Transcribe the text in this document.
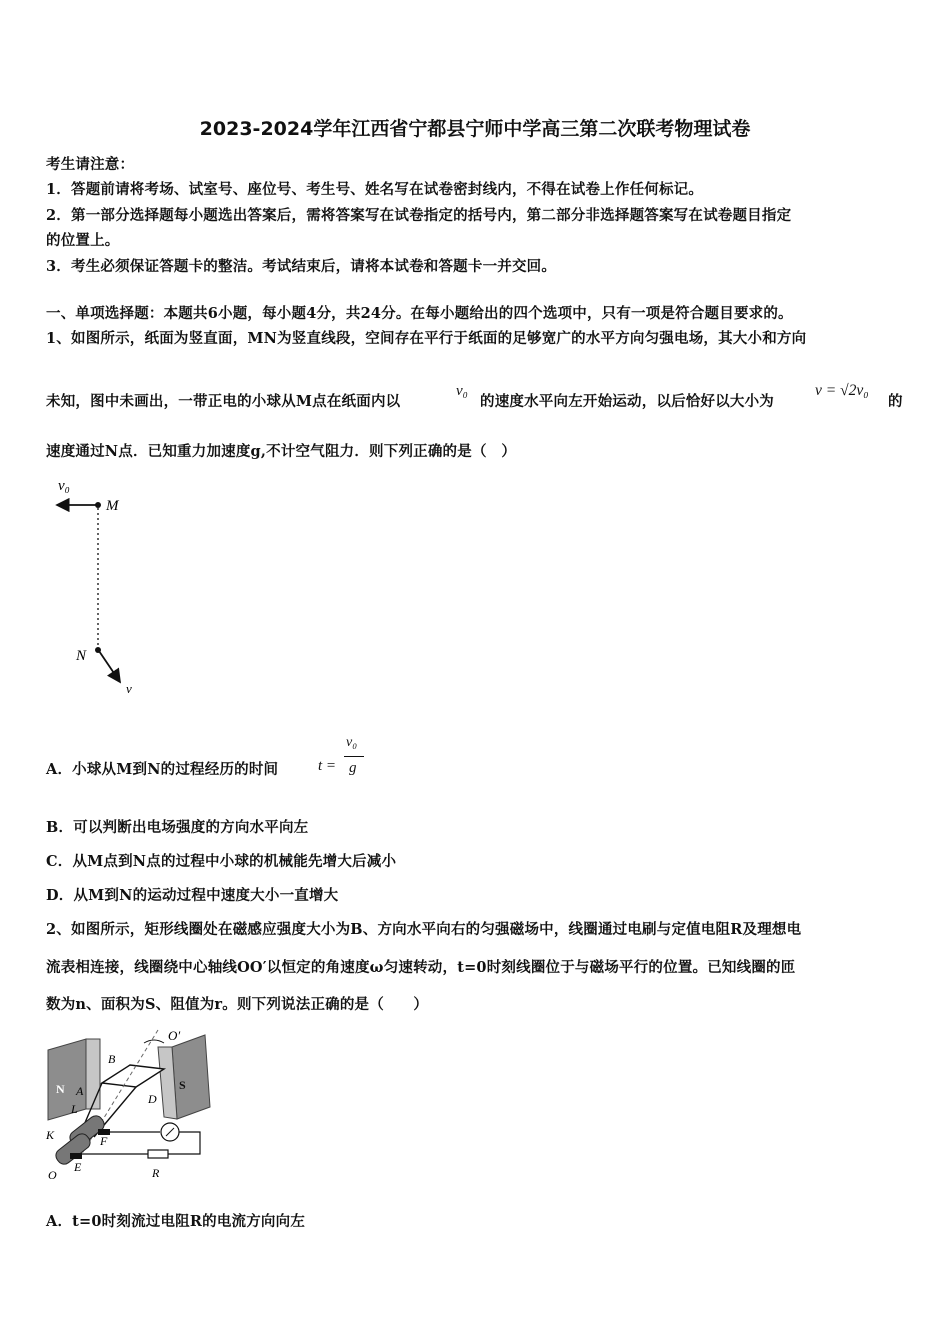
2023-2024学年江西省宁都县宁师中学高三第二次联考物理试卷
考生请注意：
1．答题前请将考场、试室号、座位号、考生号、姓名写在试卷密封线内，不得在试卷上作任何标记。
2．第一部分选择题每小题选出答案后，需将答案写在试卷指定的括号内，第二部分非选择题答案写在试卷题目指定
的位置上。
3．考生必须保证答题卡的整洁。考试结束后，请将本试卷和答题卡一并交回。
一、单项选择题：本题共6小题，每小题4分，共24分。在每小题给出的四个选项中，只有一项是符合题目要求的。
1、如图所示，纸面为竖直面，MN为竖直线段，空间存在平行于纸面的足够宽广的水平方向匀强电场，其大小和方向
未知，图中未画出，一带正电的小球从M点在纸面内以
v₀
的速度水平向左开始运动，以后恰好以大小为
v = √2v₀
的
速度通过N点．已知重力加速度g,不计空气阻力．则下列正确的是（　）
v₀
M
N
v
A．小球从M到N的过程经历的时间	t =
v₀
g
B．可以判断出电场强度的方向水平向左
C．从M点到N点的过程中小球的机械能先增大后减小
D．从M到N的运动过程中速度大小一直增大
2、如图所示，矩形线圈处在磁感应强度大小为B、方向水平向右的匀强磁场中，线圈通过电刷与定值电阻R及理想电
流表相连接，线圈绕中心轴线OO′以恒定的角速度ω匀速转动，t=0时刻线圈位于与磁场平行的位置。已知线圈的匝
数为n、面积为S、阻值为r。则下列说法正确的是（　　）
N	S
O′
B
A
D
L
K	F
E	R
O
A．t=0时刻流过电阻R的电流方向向左
